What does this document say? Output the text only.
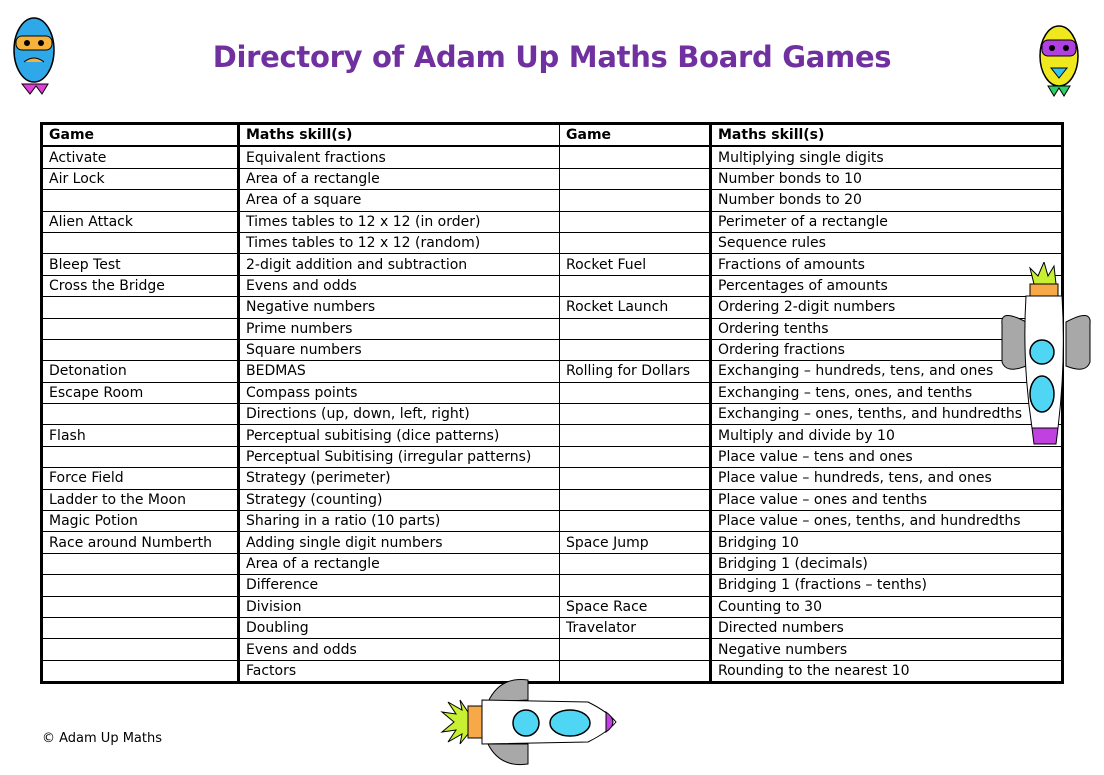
Directory of Adam Up Maths Board Games
Game	Maths skill(s)	Game	Maths skill(s)
Activate	Equivalent fractions		Multiplying single digits
Air Lock	Area of a rectangle		Number bonds to 10
	Area of a square		Number bonds to 20
Alien Attack	Times tables to 12 x 12 (in order)		Perimeter of a rectangle
	Times tables to 12 x 12 (random)		Sequence rules
Bleep Test	2-digit addition and subtraction	Rocket Fuel	Fractions of amounts
Cross the Bridge	Evens and odds		Percentages of amounts
	Negative numbers	Rocket Launch	Ordering 2-digit numbers
	Prime numbers		Ordering tenths
	Square numbers		Ordering fractions
Detonation	BEDMAS	Rolling for Dollars	Exchanging – hundreds, tens, and ones
Escape Room	Compass points		Exchanging – tens, ones, and tenths
	Directions (up, down, left, right)		Exchanging – ones, tenths, and hundredths
Flash	Perceptual subitising (dice patterns)		Multiply and divide by 10
	Perceptual Subitising (irregular patterns)		Place value – tens and ones
Force Field	Strategy (perimeter)		Place value – hundreds, tens, and ones
Ladder to the Moon	Strategy (counting)		Place value – ones and tenths
Magic Potion	Sharing in a ratio (10 parts)		Place value – ones, tenths, and hundredths
Race around Numberth	Adding single digit numbers	Space Jump	Bridging 10
	Area of a rectangle		Bridging 1 (decimals)
	Difference		Bridging 1 (fractions – tenths)
	Division	Space Race	Counting to 30
	Doubling	Travelator	Directed numbers
	Evens and odds		Negative numbers
	Factors		Rounding to the nearest 10
© Adam Up Maths
